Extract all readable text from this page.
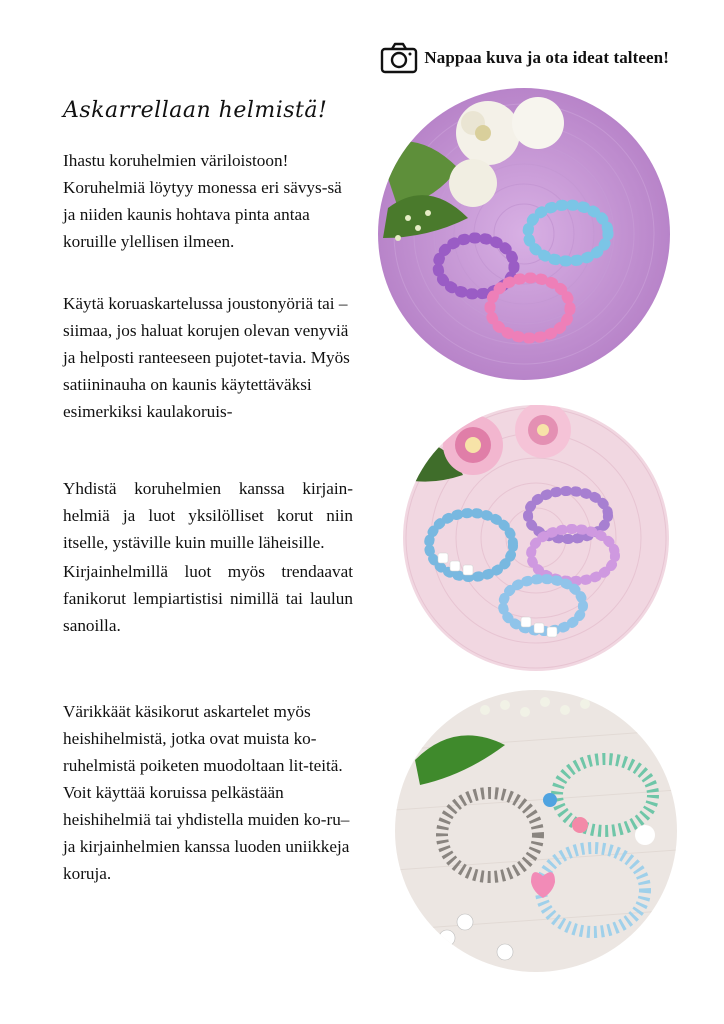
Nappaa kuva ja ota ideat talteen!
Askarrellaan helmistä!

Ihastu koruhelmien väriloistoon! Koruhelmiä löytyy monessa eri sävys-sä ja niiden kaunis hohtava pinta antaa koruille ylellisen ilmeen.

Käytä koruaskartelussa joustonyöriä tai –siimaa, jos haluat korujen olevan venyviä ja helposti ranteeseen pujotet-tavia. Myös satiininauha on kaunis käytettäväksi esimerkiksi kaulakoruis-

Yhdistä koruhelmien kanssa kirjain-helmiä ja luot yksilölliset korut niin itselle, ystäville kuin muille läheisille.

Kirjainhelmillä luot myös trendaavat fanikorut lempiartistisi nimillä tai laulun sanoilla.

Värikkäät käsikorut askartelet myös heishihelmistä, jotka ovat muista ko-ruhelmistä poiketen muodoltaan lit-teitä. Voit käyttää koruissa pelkästään heishihelmiä tai yhdistella muiden ko-ru– ja kirjainhelmien kanssa luoden uniikkeja koruja.
